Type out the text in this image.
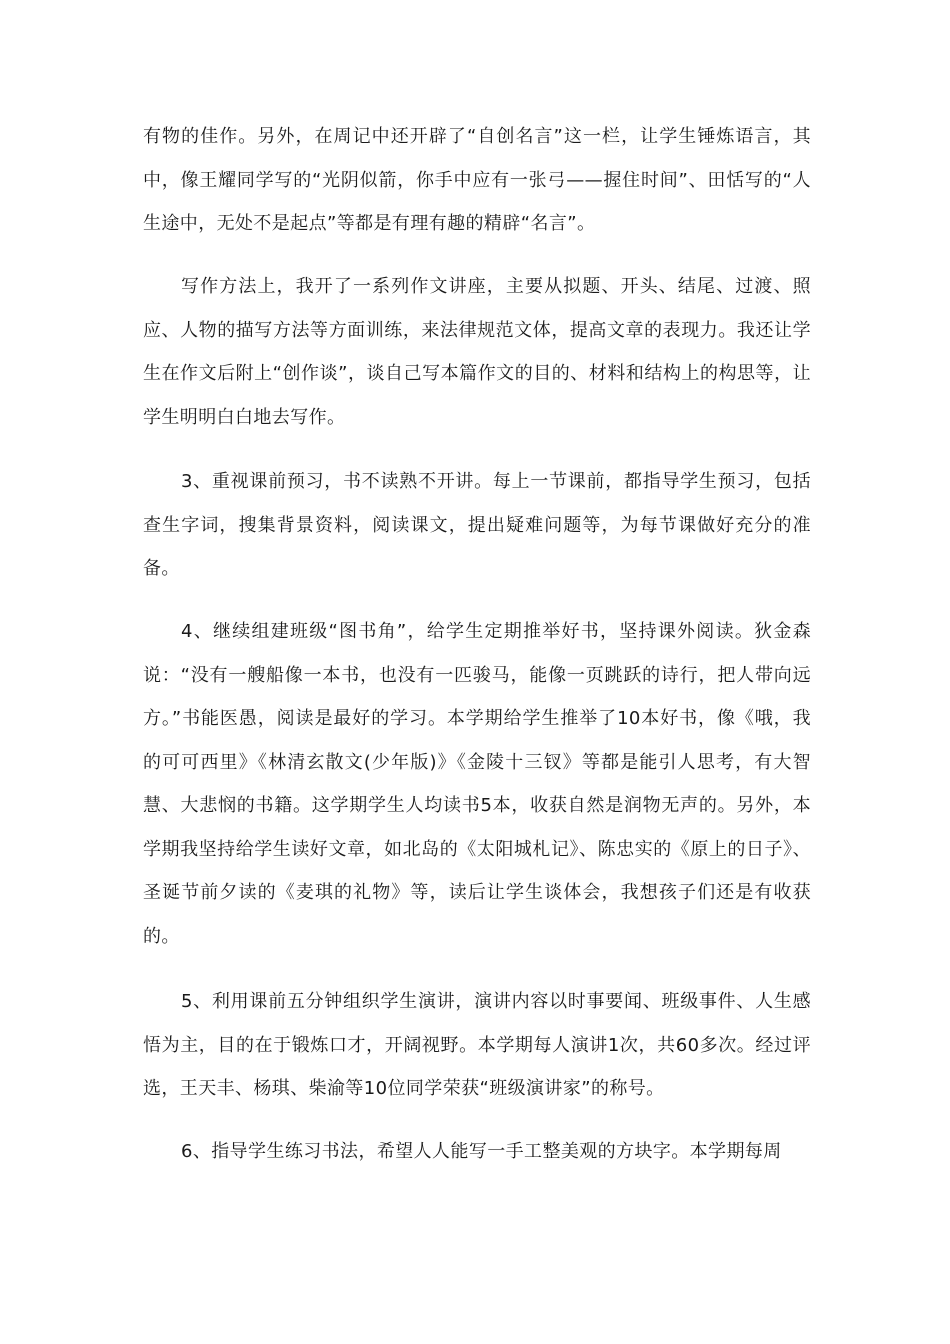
有物的佳作。另外，在周记中还开辟了“自创名言”这一栏，让学生锤炼语言，其中，像王耀同学写的“光阴似箭，你手中应有一张弓——握住时间”、田恬写的“人生途中，无处不是起点”等都是有理有趣的精辟“名言”。

写作方法上，我开了一系列作文讲座，主要从拟题、开头、结尾、过渡、照应、人物的描写方法等方面训练，来法律规范文体，提高文章的表现力。我还让学生在作文后附上“创作谈”，谈自己写本篇作文的目的、材料和结构上的构思等，让学生明明白白地去写作。

3、重视课前预习，书不读熟不开讲。每上一节课前，都指导学生预习，包括查生字词，搜集背景资料，阅读课文，提出疑难问题等，为每节课做好充分的准备。

4、继续组建班级“图书角”，给学生定期推举好书，坚持课外阅读。狄金森说：“没有一艘船像一本书，也没有一匹骏马，能像一页跳跃的诗行，把人带向远方。”书能医愚，阅读是最好的学习。本学期给学生推举了10本好书，像《哦，我的可可西里》《林清玄散文(少年版)》《金陵十三钗》等都是能引人思考，有大智慧、大悲悯的书籍。这学期学生人均读书5本，收获自然是润物无声的。另外，本学期我坚持给学生读好文章，如北岛的《太阳城札记》、陈忠实的《原上的日子》、圣诞节前夕读的《麦琪的礼物》等，读后让学生谈体会，我想孩子们还是有收获的。

5、利用课前五分钟组织学生演讲，演讲内容以时事要闻、班级事件、人生感悟为主，目的在于锻炼口才，开阔视野。本学期每人演讲1次，共60多次。经过评选，王天丰、杨琪、柴渝等10位同学荣获“班级演讲家”的称号。

6、指导学生练习书法，希望人人能写一手工整美观的方块字。本学期每周
